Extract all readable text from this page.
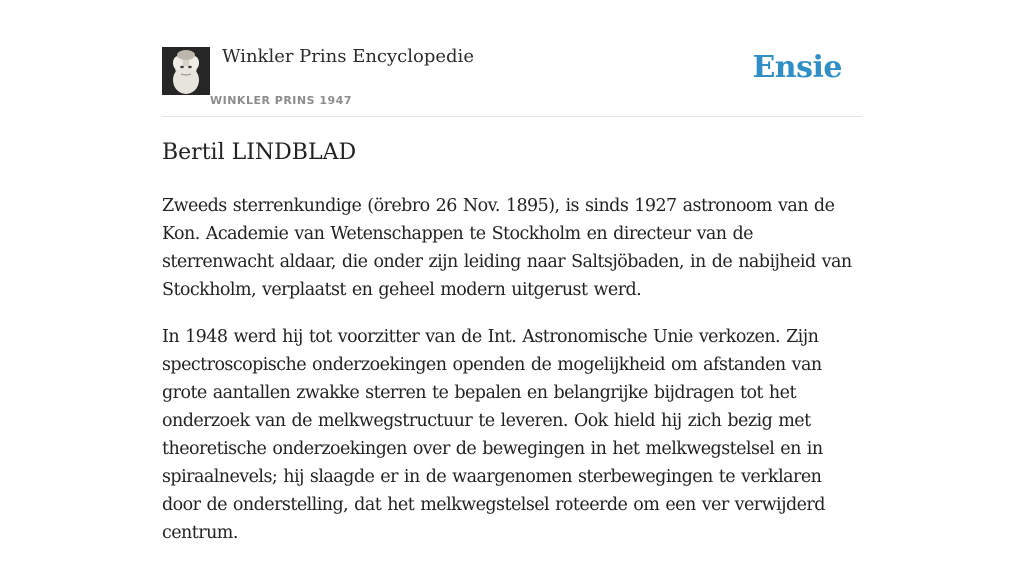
Winkler Prins Encyclopedie
WINKLER PRINS 1947
Ensie
Bertil LINDBLAD

Zweeds sterrenkundige (örebro 26 Nov. 1895), is sinds 1927 astronoom van de Kon. Academie van Wetenschappen te Stockholm en directeur van de sterrenwacht aldaar, die onder zijn leiding naar Saltsjöbaden, in de nabijheid van Stockholm, verplaatst en geheel modern uitgerust werd.

In 1948 werd hij tot voorzitter van de Int. Astronomische Unie verkozen. Zijn spectroscopische onderzoekingen openden de mogelijkheid om afstanden van grote aantallen zwakke sterren te bepalen en belangrijke bijdragen tot het onderzoek van de melkwegstructuur te leveren. Ook hield hij zich bezig met theoretische onderzoekingen over de bewegingen in het melkwegstelsel en in spiraalnevels; hij slaagde er in de waargenomen sterbewegingen te verklaren door de onderstelling, dat het melkwegstelsel roteerde om een ver verwijderd centrum.
